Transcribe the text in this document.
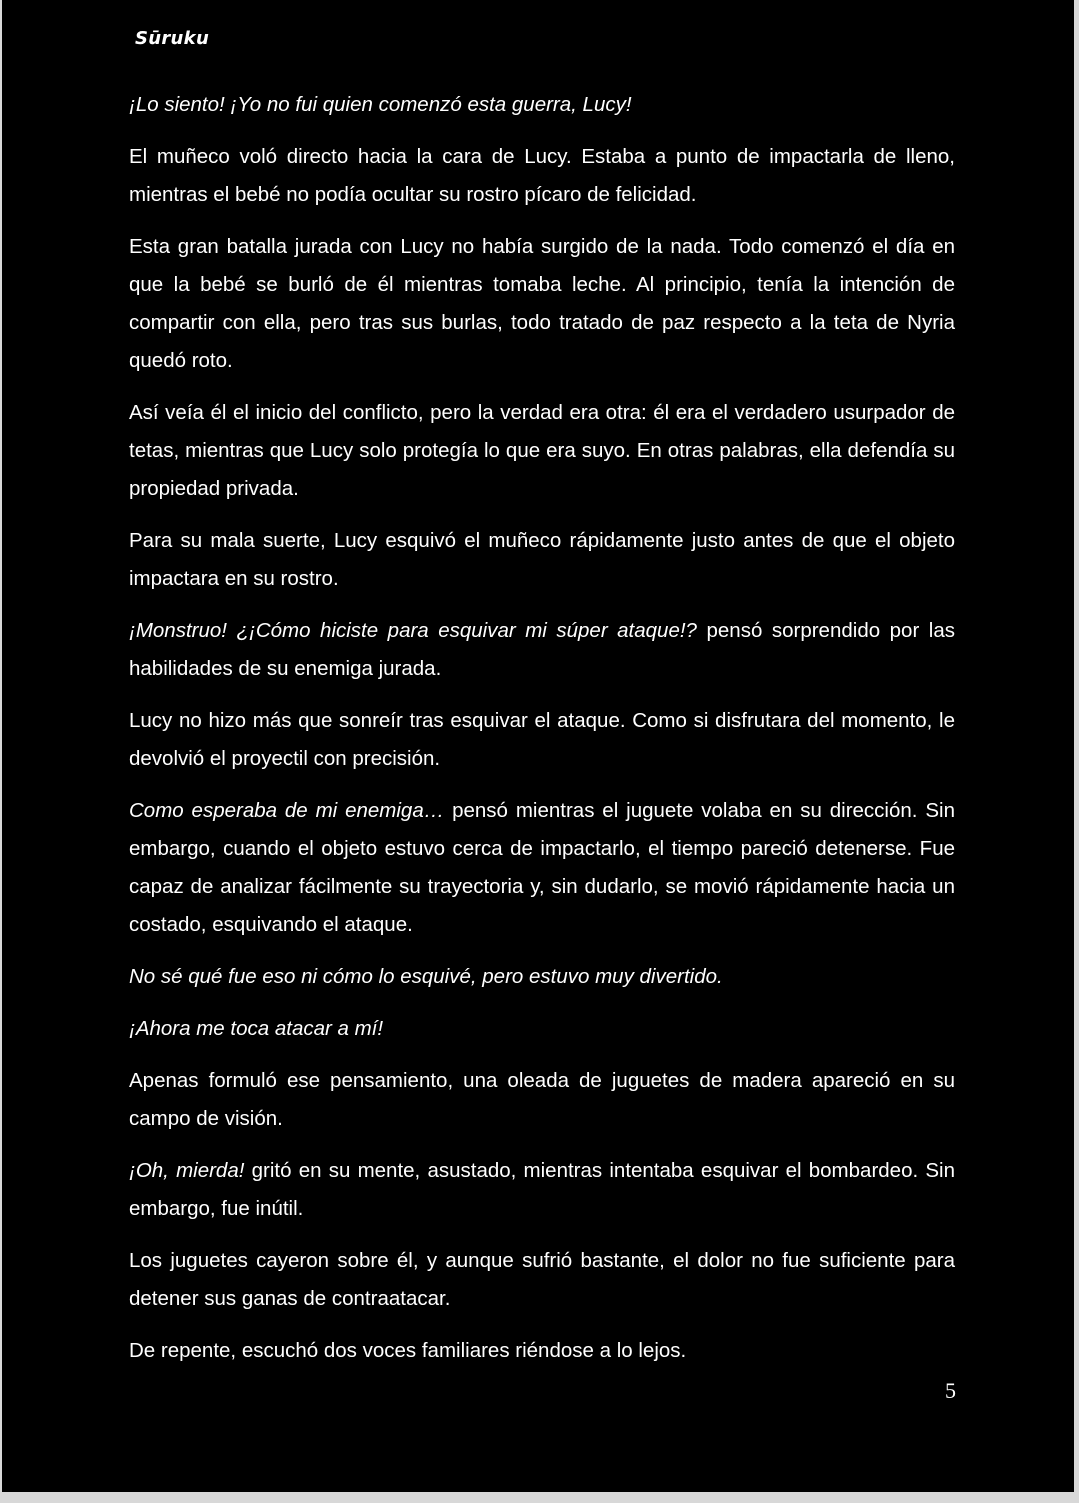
Sūruku

¡Lo siento! ¡Yo no fui quien comenzó esta guerra, Lucy!

El muñeco voló directo hacia la cara de Lucy. Estaba a punto de impactarla de lleno, mientras el bebé no podía ocultar su rostro pícaro de felicidad.

Esta gran batalla jurada con Lucy no había surgido de la nada. Todo comenzó el día en que la bebé se burló de él mientras tomaba leche. Al principio, tenía la intención de compartir con ella, pero tras sus burlas, todo tratado de paz respecto a la teta de Nyria quedó roto.

Así veía él el inicio del conflicto, pero la verdad era otra: él era el verdadero usurpador de tetas, mientras que Lucy solo protegía lo que era suyo. En otras palabras, ella defendía su propiedad privada.

Para su mala suerte, Lucy esquivó el muñeco rápidamente justo antes de que el objeto impactara en su rostro.

¡Monstruo! ¿¡Cómo hiciste para esquivar mi súper ataque!? pensó sorprendido por las habilidades de su enemiga jurada.

Lucy no hizo más que sonreír tras esquivar el ataque. Como si disfrutara del momento, le devolvió el proyectil con precisión.

Como esperaba de mi enemiga… pensó mientras el juguete volaba en su dirección. Sin embargo, cuando el objeto estuvo cerca de impactarlo, el tiempo pareció detenerse. Fue capaz de analizar fácilmente su trayectoria y, sin dudarlo, se movió rápidamente hacia un costado, esquivando el ataque.

No sé qué fue eso ni cómo lo esquivé, pero estuvo muy divertido.

¡Ahora me toca atacar a mí!

Apenas formuló ese pensamiento, una oleada de juguetes de madera apareció en su campo de visión.

¡Oh, mierda! gritó en su mente, asustado, mientras intentaba esquivar el bombardeo. Sin embargo, fue inútil.

Los juguetes cayeron sobre él, y aunque sufrió bastante, el dolor no fue suficiente para detener sus ganas de contraatacar.

De repente, escuchó dos voces familiares riéndose a lo lejos.

5
